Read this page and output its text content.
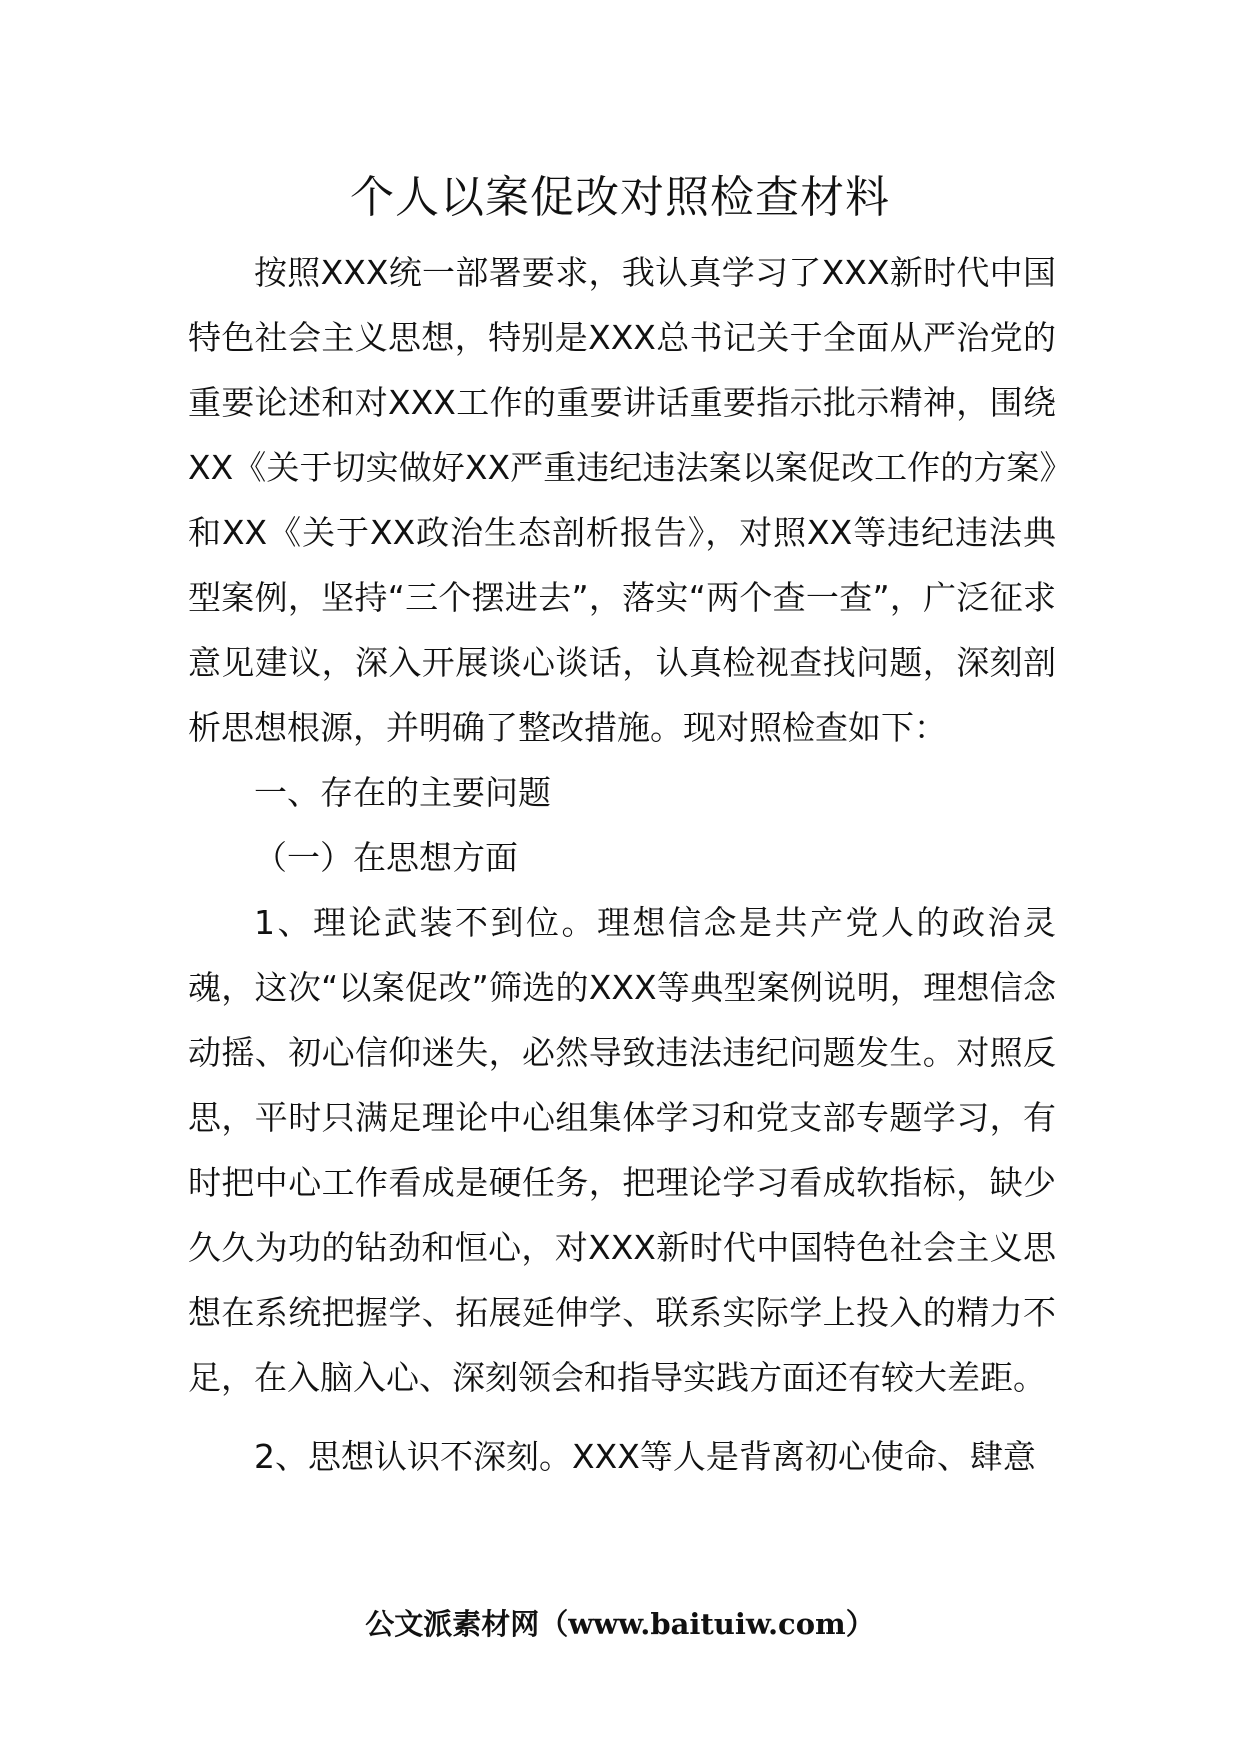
个人以案促改对照检查材料

按照XXX统一部署要求，我认真学习了XXX新时代中国特色社会主义思想，特别是XXX总书记关于全面从严治党的重要论述和对XXX工作的重要讲话重要指示批示精神，围绕XX《关于切实做好XX严重违纪违法案以案促改工作的方案》和XX《关于XX政治生态剖析报告》，对照XX等违纪违法典型案例，坚持“三个摆进去”，落实“两个查一查”，广泛征求意见建议，深入开展谈心谈话，认真检视查找问题，深刻剖析思想根源，并明确了整改措施。现对照检查如下：

一、存在的主要问题

（一）在思想方面

1、理论武装不到位。理想信念是共产党人的政治灵魂，这次“以案促改”筛选的XXX等典型案例说明，理想信念动摇、初心信仰迷失，必然导致违法违纪问题发生。对照反思，平时只满足理论中心组集体学习和党支部专题学习，有时把中心工作看成是硬任务，把理论学习看成软指标，缺少久久为功的钻劲和恒心，对XXX新时代中国特色社会主义思想在系统把握学、拓展延伸学、联系实际学上投入的精力不足，在入脑入心、深刻领会和指导实践方面还有较大差距。

2、思想认识不深刻。XXX等人是背离初心使命、肆意

公文派素材网（www.baituiw.com）
